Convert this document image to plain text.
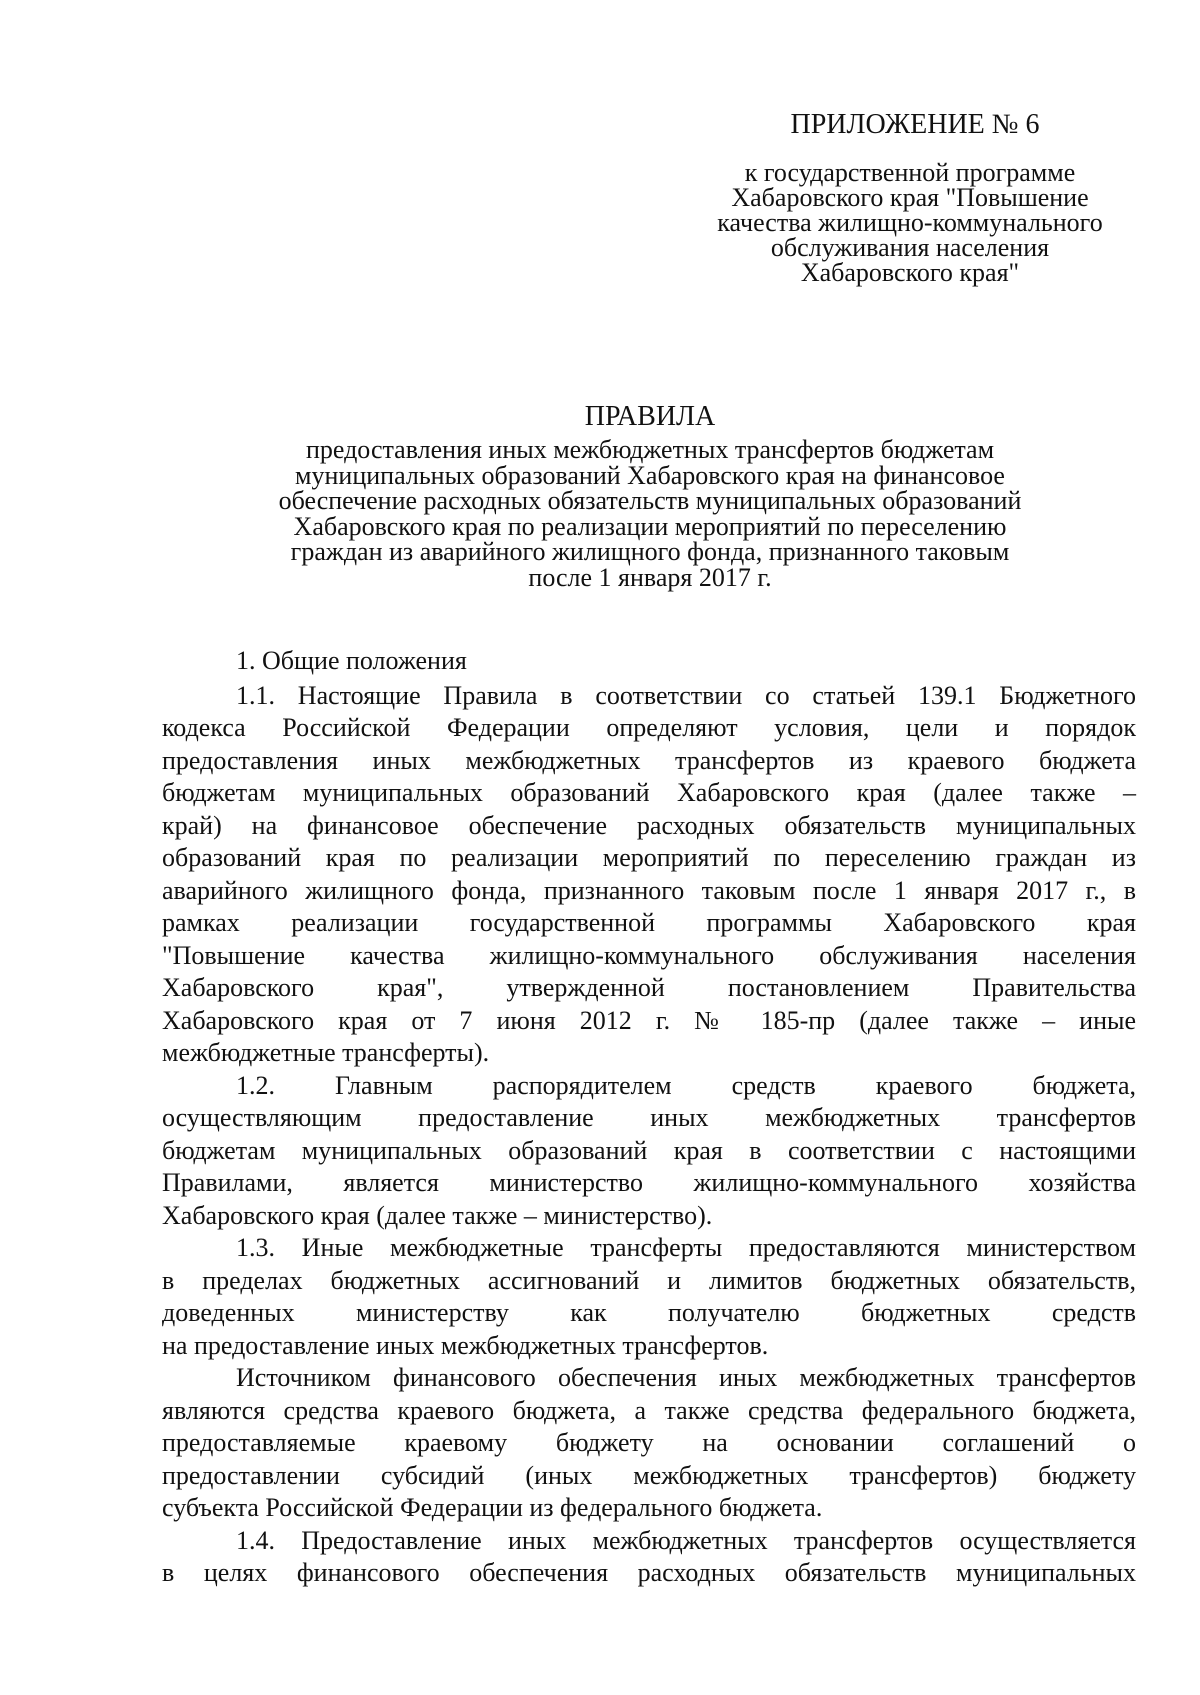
ПРИЛОЖЕНИЕ № 6
к государственной программе
Хабаровского края "Повышение
качества жилищно-коммунального
обслуживания населения
Хабаровского края"
ПРАВИЛА
предоставления иных межбюджетных трансфертов бюджетам
муниципальных образований Хабаровского края на финансовое
обеспечение расходных обязательств муниципальных образований
Хабаровского края по реализации мероприятий по переселению
граждан из аварийного жилищного фонда, признанного таковым
после 1 января 2017 г.
1. Общие положения
1.1. Настоящие Правила в соответствии со статьей 139.1 Бюджетного
кодекса Российской Федерации определяют условия, цели и порядок
предоставления иных межбюджетных трансфертов из краевого бюджета
бюджетам муниципальных образований Хабаровского края (далее также –
край) на финансовое обеспечение расходных обязательств муниципальных
образований края по реализации мероприятий по переселению граждан из
аварийного жилищного фонда, признанного таковым после 1 января 2017 г., в
рамках реализации государственной программы Хабаровского края
"Повышение качества жилищно-коммунального обслуживания населения
Хабаровского края", утвержденной постановлением Правительства
Хабаровского края от 7 июня 2012 г. № 185-пр (далее также – иные
межбюджетные трансферты).
1.2. Главным распорядителем средств краевого бюджета,
осуществляющим предоставление иных межбюджетных трансфертов
бюджетам муниципальных образований края в соответствии с настоящими
Правилами, является министерство жилищно-коммунального хозяйства
Хабаровского края (далее также – министерство).
1.3. Иные межбюджетные трансферты предоставляются министерством
в пределах бюджетных ассигнований и лимитов бюджетных обязательств,
доведенных министерству как получателю бюджетных средств
на предоставление иных межбюджетных трансфертов.
Источником финансового обеспечения иных межбюджетных трансфертов
являются средства краевого бюджета, а также средства федерального бюджета,
предоставляемые краевому бюджету на основании соглашений о
предоставлении субсидий (иных межбюджетных трансфертов) бюджету
субъекта Российской Федерации из федерального бюджета.
1.4. Предоставление иных межбюджетных трансфертов осуществляется
в целях финансового обеспечения расходных обязательств муниципальных
